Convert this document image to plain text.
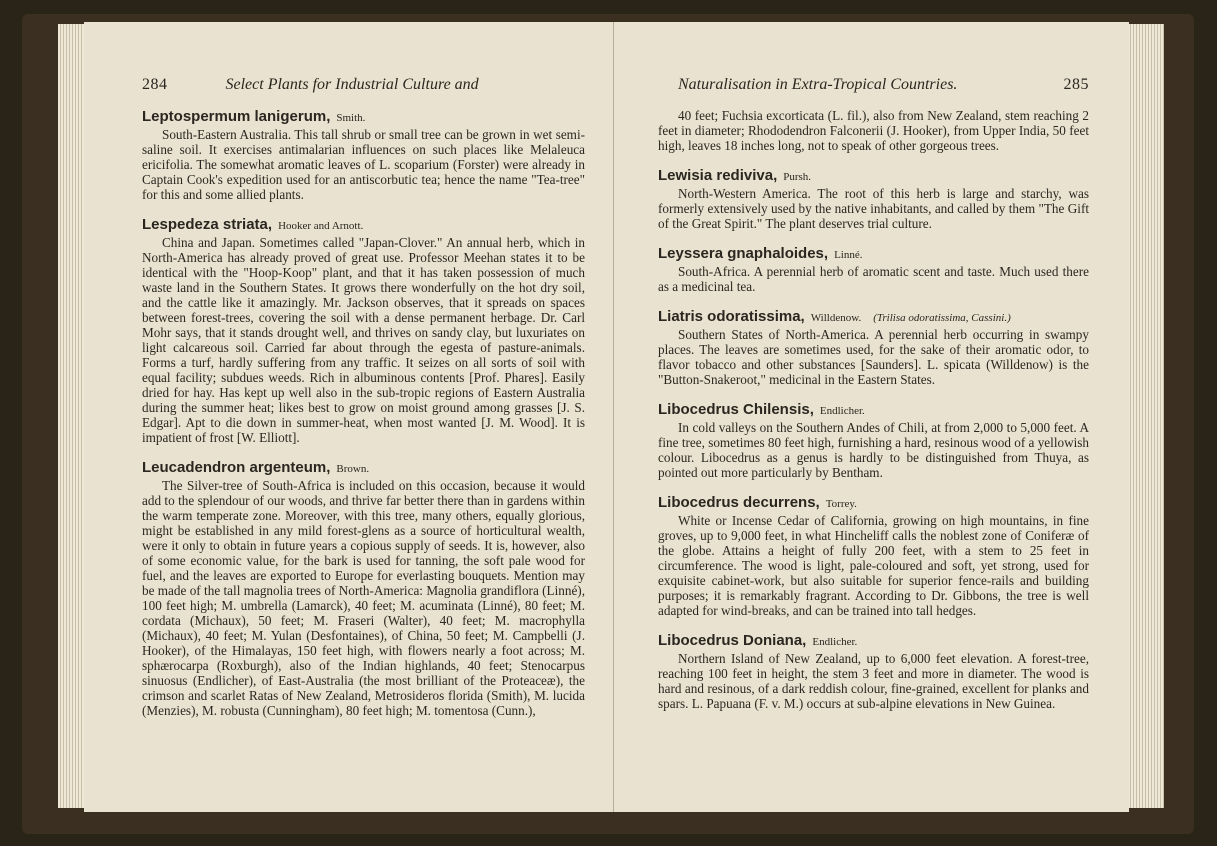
284	Select Plants for Industrial Culture and
Leptospermum lanigerum, Smith.
South-Eastern Australia. This tall shrub or small tree can be grown in wet semi-saline soil. It exercises antimalarian influences on such places like Melaleuca ericifolia. The somewhat aromatic leaves of L. scoparium (Forster) were already in Captain Cook's expedition used for an antiscorbutic tea; hence the name "Tea-tree" for this and some allied plants.
Lespedeza striata, Hooker and Arnott.
China and Japan. Sometimes called "Japan-Clover." An annual herb, which in North-America has already proved of great use. Professor Meehan states it to be identical with the "Hoop-Koop" plant, and that it has taken possession of much waste land in the Southern States. It grows there wonderfully on the hot dry soil, and the cattle like it amazingly. Mr. Jackson observes, that it spreads on spaces between forest-trees, covering the soil with a dense permanent herbage. Dr. Carl Mohr says, that it stands drought well, and thrives on sandy clay, but luxuriates on light calcareous soil. Carried far about through the egesta of pasture-animals. Forms a turf, hardly suffering from any traffic. It seizes on all sorts of soil with equal facility; subdues weeds. Rich in albuminous contents [Prof. Phares]. Easily dried for hay. Has kept up well also in the sub-tropic regions of Eastern Australia during the summer heat; likes best to grow on moist ground among grasses [J. S. Edgar]. Apt to die down in summer-heat, when most wanted [J. M. Wood]. It is impatient of frost [W. Elliott].
Leucadendron argenteum, Brown.
The Silver-tree of South-Africa is included on this occasion, because it would add to the splendour of our woods, and thrive far better there than in gardens within the warm temperate zone. Moreover, with this tree, many others, equally glorious, might be established in any mild forest-glens as a source of horticultural wealth, were it only to obtain in future years a copious supply of seeds. It is, however, also of some economic value, for the bark is used for tanning, the soft pale wood for fuel, and the leaves are exported to Europe for everlasting bouquets. Mention may be made of the tall magnolia trees of North-America: Magnolia grandiflora (Linné), 100 feet high; M. umbrella (Lamarck), 40 feet; M. acuminata (Linné), 80 feet; M. cordata (Michaux), 50 feet; M. Fraseri (Walter), 40 feet; M. macrophylla (Michaux), 40 feet; M. Yulan (Desfontaines), of China, 50 feet; M. Campbelli (J. Hooker), of the Himalayas, 150 feet high, with flowers nearly a foot across; M. sphærocarpa (Roxburgh), also of the Indian highlands, 40 feet; Stenocarpus sinuosus (Endlicher), of East-Australia (the most brilliant of the Proteaceæ), the crimson and scarlet Ratas of New Zealand, Metrosideros florida (Smith), M. lucida (Menzies), M. robusta (Cunningham), 80 feet high; M. tomentosa (Cunn.),
Naturalisation in Extra-Tropical Countries.	285
40 feet; Fuchsia excorticata (L. fil.), also from New Zealand, stem reaching 2 feet in diameter; Rhododendron Falconerii (J. Hooker), from Upper India, 50 feet high, leaves 18 inches long, not to speak of other gorgeous trees.
Lewisia rediviva, Pursh.
North-Western America. The root of this herb is large and starchy, was formerly extensively used by the native inhabitants, and called by them "The Gift of the Great Spirit." The plant deserves trial culture.
Leyssera gnaphaloides, Linné.
South-Africa. A perennial herb of aromatic scent and taste. Much used there as a medicinal tea.
Liatris odoratissima, Willdenow. (Trilisa odoratissima, Cassini.)
Southern States of North-America. A perennial herb occurring in swampy places. The leaves are sometimes used, for the sake of their aromatic odor, to flavor tobacco and other substances [Saunders]. L. spicata (Willdenow) is the "Button-Snakeroot," medicinal in the Eastern States.
Libocedrus Chilensis, Endlicher.
In cold valleys on the Southern Andes of Chili, at from 2,000 to 5,000 feet. A fine tree, sometimes 80 feet high, furnishing a hard, resinous wood of a yellowish colour. Libocedrus as a genus is hardly to be distinguished from Thuya, as pointed out more particularly by Bentham.
Libocedrus decurrens, Torrey.
White or Incense Cedar of California, growing on high mountains, in fine groves, up to 9,000 feet, in what Hincheliff calls the noblest zone of Coniferæ of the globe. Attains a height of fully 200 feet, with a stem to 25 feet in circumference. The wood is light, pale-coloured and soft, yet strong, used for exquisite cabinet-work, but also suitable for superior fence-rails and building purposes; it is remarkably fragrant. According to Dr. Gibbons, the tree is well adapted for wind-breaks, and can be trained into tall hedges.
Libocedrus Doniana, Endlicher.
Northern Island of New Zealand, up to 6,000 feet elevation. A forest-tree, reaching 100 feet in height, the stem 3 feet and more in diameter. The wood is hard and resinous, of a dark reddish colour, fine-grained, excellent for planks and spars. L. Papuana (F. v. M.) occurs at sub-alpine elevations in New Guinea.
